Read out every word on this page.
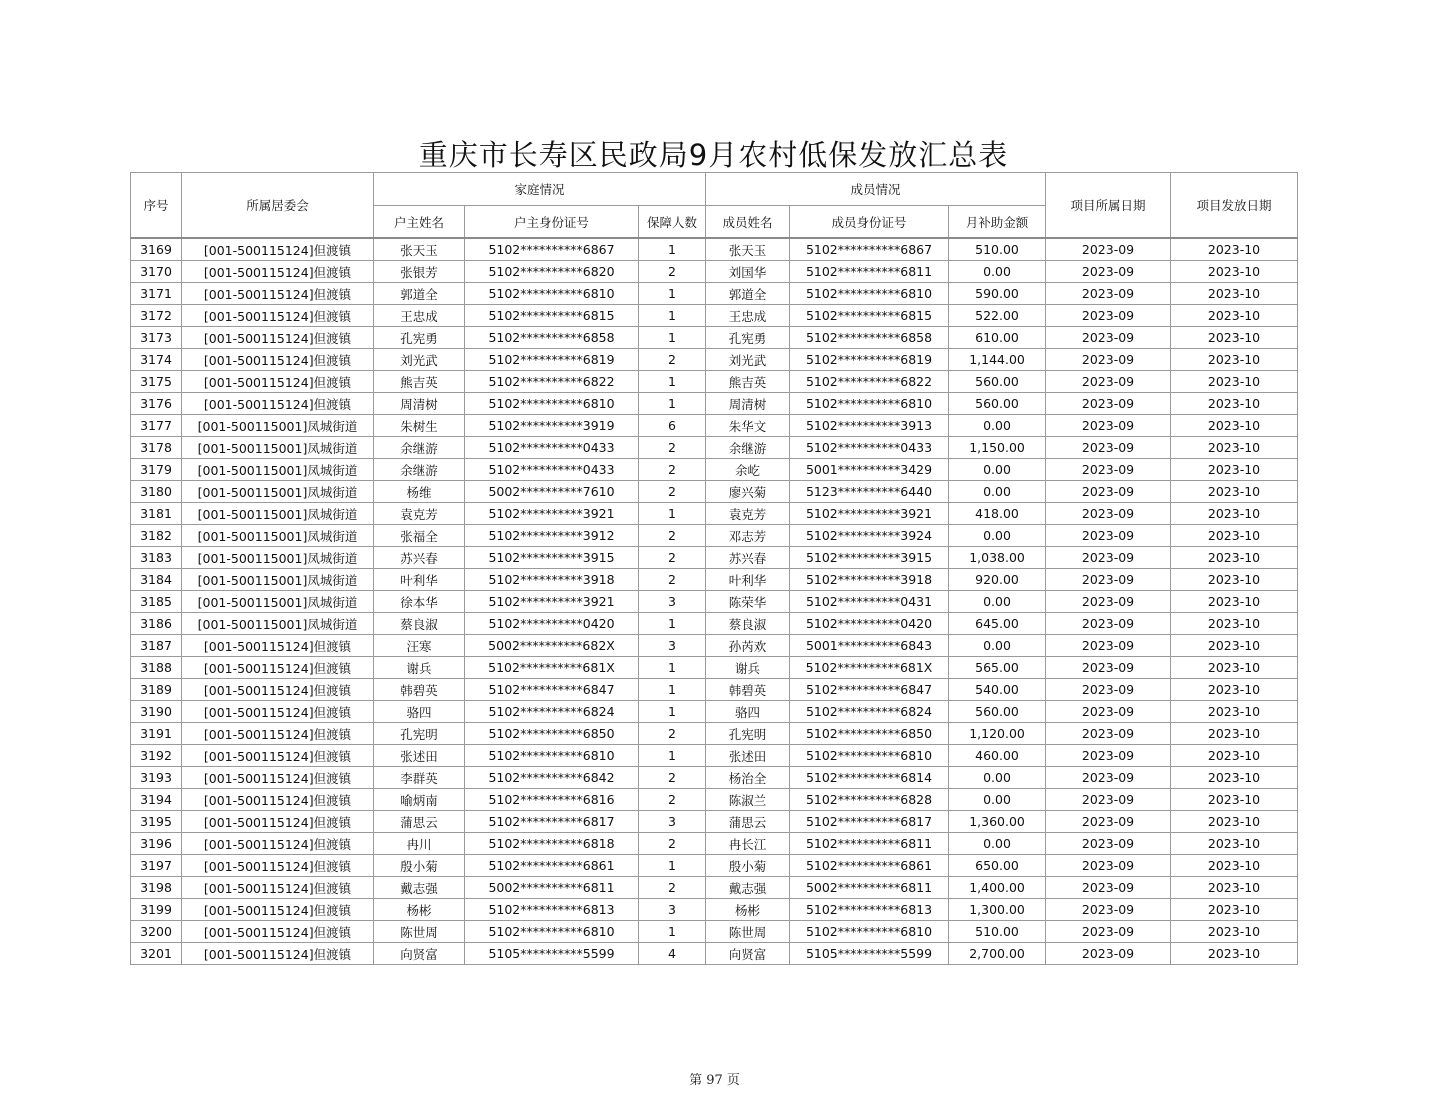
重庆市长寿区民政局9月农村低保发放汇总表
序号	所属居委会	家庭情况			成员情况			项目所属日期	项目发放日期
		户主姓名	户主身份证号	保障人数	成员姓名	成员身份证号	月补助金额		
3169	[001-500115124]但渡镇	张天玉	5102**********6867	1	张天玉	5102**********6867	510.00	2023-09	2023-10
3170	[001-500115124]但渡镇	张银芳	5102**********6820	2	刘国华	5102**********6811	0.00	2023-09	2023-10
3171	[001-500115124]但渡镇	郭道全	5102**********6810	1	郭道全	5102**********6810	590.00	2023-09	2023-10
3172	[001-500115124]但渡镇	王忠成	5102**********6815	1	王忠成	5102**********6815	522.00	2023-09	2023-10
3173	[001-500115124]但渡镇	孔宪勇	5102**********6858	1	孔宪勇	5102**********6858	610.00	2023-09	2023-10
3174	[001-500115124]但渡镇	刘光武	5102**********6819	2	刘光武	5102**********6819	1,144.00	2023-09	2023-10
3175	[001-500115124]但渡镇	熊吉英	5102**********6822	1	熊吉英	5102**********6822	560.00	2023-09	2023-10
3176	[001-500115124]但渡镇	周清树	5102**********6810	1	周清树	5102**********6810	560.00	2023-09	2023-10
3177	[001-500115001]凤城街道	朱树生	5102**********3919	6	朱华文	5102**********3913	0.00	2023-09	2023-10
3178	[001-500115001]凤城街道	余继游	5102**********0433	2	余继游	5102**********0433	1,150.00	2023-09	2023-10
3179	[001-500115001]凤城街道	余继游	5102**********0433	2	余屹	5001**********3429	0.00	2023-09	2023-10
3180	[001-500115001]凤城街道	杨维	5002**********7610	2	廖兴菊	5123**********6440	0.00	2023-09	2023-10
3181	[001-500115001]凤城街道	袁克芳	5102**********3921	1	袁克芳	5102**********3921	418.00	2023-09	2023-10
3182	[001-500115001]凤城街道	张福全	5102**********3912	2	邓志芳	5102**********3924	0.00	2023-09	2023-10
3183	[001-500115001]凤城街道	苏兴春	5102**********3915	2	苏兴春	5102**********3915	1,038.00	2023-09	2023-10
3184	[001-500115001]凤城街道	叶利华	5102**********3918	2	叶利华	5102**********3918	920.00	2023-09	2023-10
3185	[001-500115001]凤城街道	徐本华	5102**********3921	3	陈荣华	5102**********0431	0.00	2023-09	2023-10
3186	[001-500115001]凤城街道	蔡良淑	5102**********0420	1	蔡良淑	5102**********0420	645.00	2023-09	2023-10
3187	[001-500115124]但渡镇	汪寒	5002**********682X	3	孙芮欢	5001**********6843	0.00	2023-09	2023-10
3188	[001-500115124]但渡镇	谢兵	5102**********681X	1	谢兵	5102**********681X	565.00	2023-09	2023-10
3189	[001-500115124]但渡镇	韩碧英	5102**********6847	1	韩碧英	5102**********6847	540.00	2023-09	2023-10
3190	[001-500115124]但渡镇	骆四	5102**********6824	1	骆四	5102**********6824	560.00	2023-09	2023-10
3191	[001-500115124]但渡镇	孔宪明	5102**********6850	2	孔宪明	5102**********6850	1,120.00	2023-09	2023-10
3192	[001-500115124]但渡镇	张述田	5102**********6810	1	张述田	5102**********6810	460.00	2023-09	2023-10
3193	[001-500115124]但渡镇	李群英	5102**********6842	2	杨治全	5102**********6814	0.00	2023-09	2023-10
3194	[001-500115124]但渡镇	喻炳南	5102**********6816	2	陈淑兰	5102**********6828	0.00	2023-09	2023-10
3195	[001-500115124]但渡镇	蒲思云	5102**********6817	3	蒲思云	5102**********6817	1,360.00	2023-09	2023-10
3196	[001-500115124]但渡镇	冉川	5102**********6818	2	冉长江	5102**********6811	0.00	2023-09	2023-10
3197	[001-500115124]但渡镇	殷小菊	5102**********6861	1	殷小菊	5102**********6861	650.00	2023-09	2023-10
3198	[001-500115124]但渡镇	戴志强	5002**********6811	2	戴志强	5002**********6811	1,400.00	2023-09	2023-10
3199	[001-500115124]但渡镇	杨彬	5102**********6813	3	杨彬	5102**********6813	1,300.00	2023-09	2023-10
3200	[001-500115124]但渡镇	陈世周	5102**********6810	1	陈世周	5102**********6810	510.00	2023-09	2023-10
3201	[001-500115124]但渡镇	向贤富	5105**********5599	4	向贤富	5105**********5599	2,700.00	2023-09	2023-10
第 97 页
